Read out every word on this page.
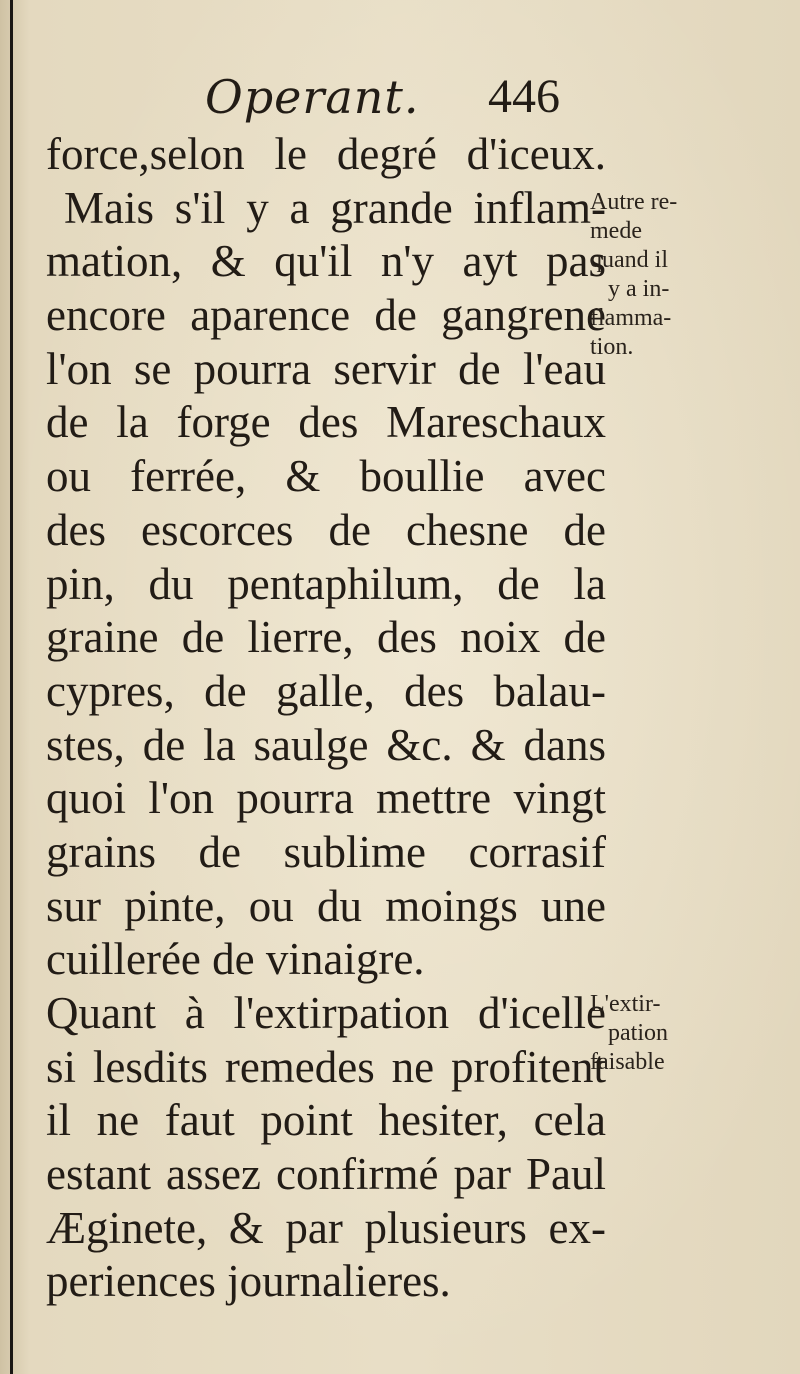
Operant. 446
force,selon le degré d'iceux.
Mais s'il y a grande inflam-
mation, & qu'il n'y ayt pas
encore aparence de gangrene
l'on se pourra servir de l'eau
de la forge des Mareschaux
ou ferrée, & boullie avec
des escorces de chesne de
pin, du pentaphilum, de la
graine de lierre, des noix de
cypres, de galle, des balau-
stes, de la saulge &c. & dans
quoi l'on pourra mettre vingt
grains de sublime corrasif
sur pinte, ou du moings une
cuillerée de vinaigre.
Quant à l'extirpation d'icelle
si lesdits remedes ne profitent
il ne faut point hesiter, cela
estant assez confirmé par Paul
Æginete, & par plusieurs ex-
periences journalieres.
Autre re-
mede
quand il
y a in-
flamma-
tion.
L'extir-
pation
faisable
